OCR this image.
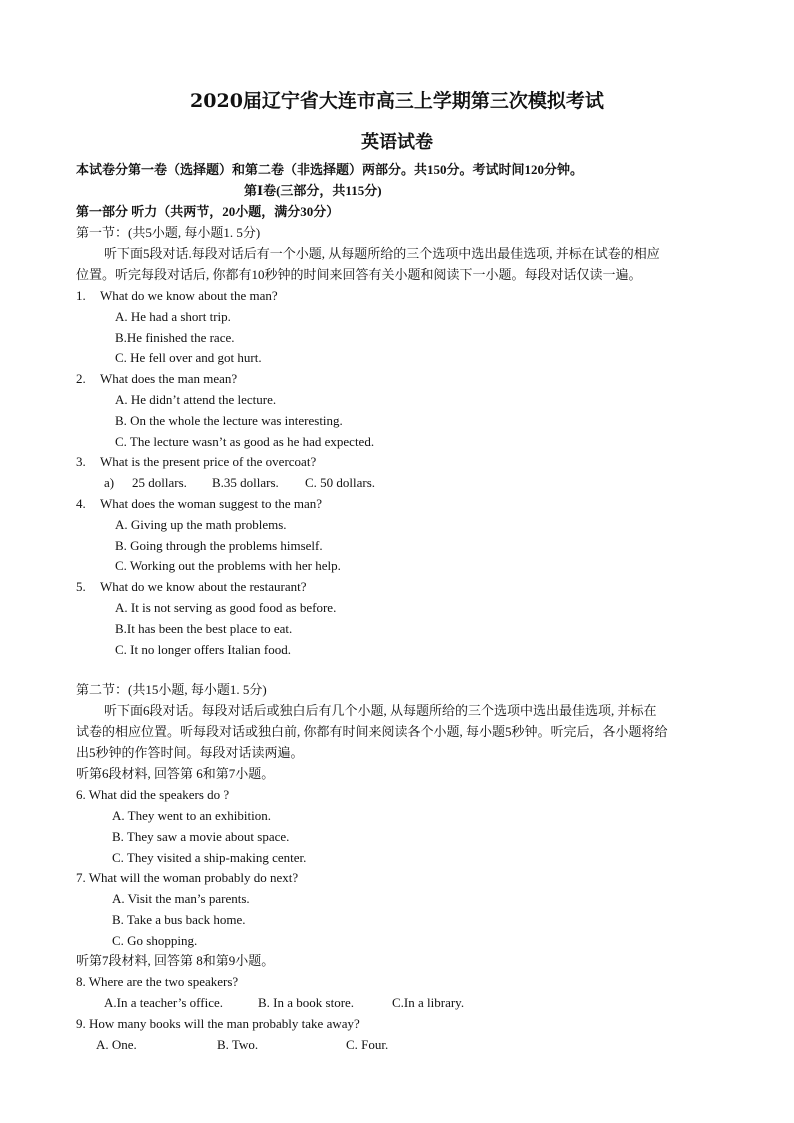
2020届辽宁省大连市高三上学期第三次模拟考试
英语试卷
本试卷分第一卷（选择题）和第二卷（非选择题）两部分。共150分。考试时间120分钟。
第Ⅰ卷(三部分，共115分)
第一部分 听力（共两节，20小题，满分30分）
第一节：(共5小题, 每小题1. 5分)
听下面5段对话.每段对话后有一个小题, 从每题所给的三个选项中选出最佳选项, 并标在试卷的相应
位置。听完每段对话后, 你都有10秒钟的时间来回答有关小题和阅读下一小题。每段对话仅读一遍。
1. What do we know about the man?
A. He had a short trip.
B.He finished the race.
C. He fell over and got hurt.
2. What does the man mean?
A. He didn’t attend the lecture.
B. On the whole the lecture was interesting.
C. The lecture wasn’t as good as he had expected.
3. What is the present price of the overcoat?
a) 25 dollars. B.35 dollars. C. 50 dollars.
4. What does the woman suggest to the man?
A. Giving up the math problems.
B. Going through the problems himself.
C. Working out the problems with her help.
5. What do we know about the restaurant?
A. It is not serving as good food as before.
B.It has been the best place to eat.
C. It no longer offers Italian food.
第二节：(共15小题, 每小题1. 5分)
听下面6段对话。每段对话后或独白后有几个小题, 从每题所给的三个选项中选出最佳选项, 并标在
试卷的相应位置。听每段对话或独白前, 你都有时间来阅读各个小题, 每小题5秒钟。听完后，各小题将给
出5秒钟的作答时间。每段对话读两遍。
听第6段材料, 回答第 6和第7小题。
6. What did the speakers do ?
A. They went to an exhibition.
B. They saw a movie about space.
C. They visited a ship-making center.
7. What will the woman probably do next?
A. Visit the man’s parents.
B. Take a bus back home.
C. Go shopping.
听第7段材料, 回答第 8和第9小题。
8. Where are the two speakers?
A.In a teacher’s office.	B. In a book store.	C.In a library.
9. How many books will the man probably take away?
A. One.	B. Two.	C. Four.
